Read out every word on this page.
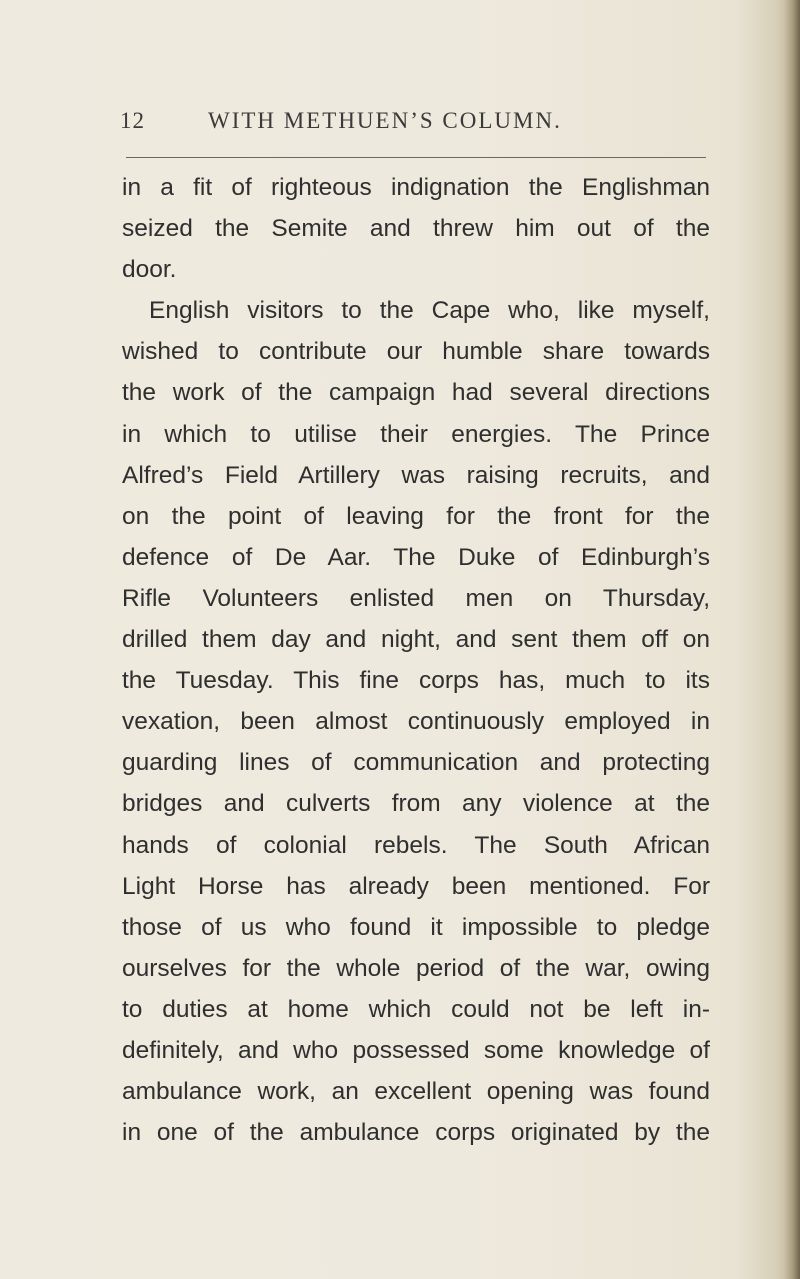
12	WITH METHUEN’S COLUMN.
in a fit of righteous indignation the Englishman
seized the Semite and threw him out of the
door.
English visitors to the Cape who, like myself,
wished to contribute our humble share towards
the work of the campaign had several directions
in which to utilise their energies. The Prince
Alfred’s Field Artillery was raising recruits, and
on the point of leaving for the front for the
defence of De Aar. The Duke of Edinburgh’s
Rifle Volunteers enlisted men on Thursday,
drilled them day and night, and sent them off on
the Tuesday. This fine corps has, much to its
vexation, been almost continuously employed in
guarding lines of communication and protecting
bridges and culverts from any violence at the
hands of colonial rebels. The South African
Light Horse has already been mentioned. For
those of us who found it impossible to pledge
ourselves for the whole period of the war, owing
to duties at home which could not be left in-
definitely, and who possessed some knowledge of
ambulance work, an excellent opening was found
in one of the ambulance corps originated by the
